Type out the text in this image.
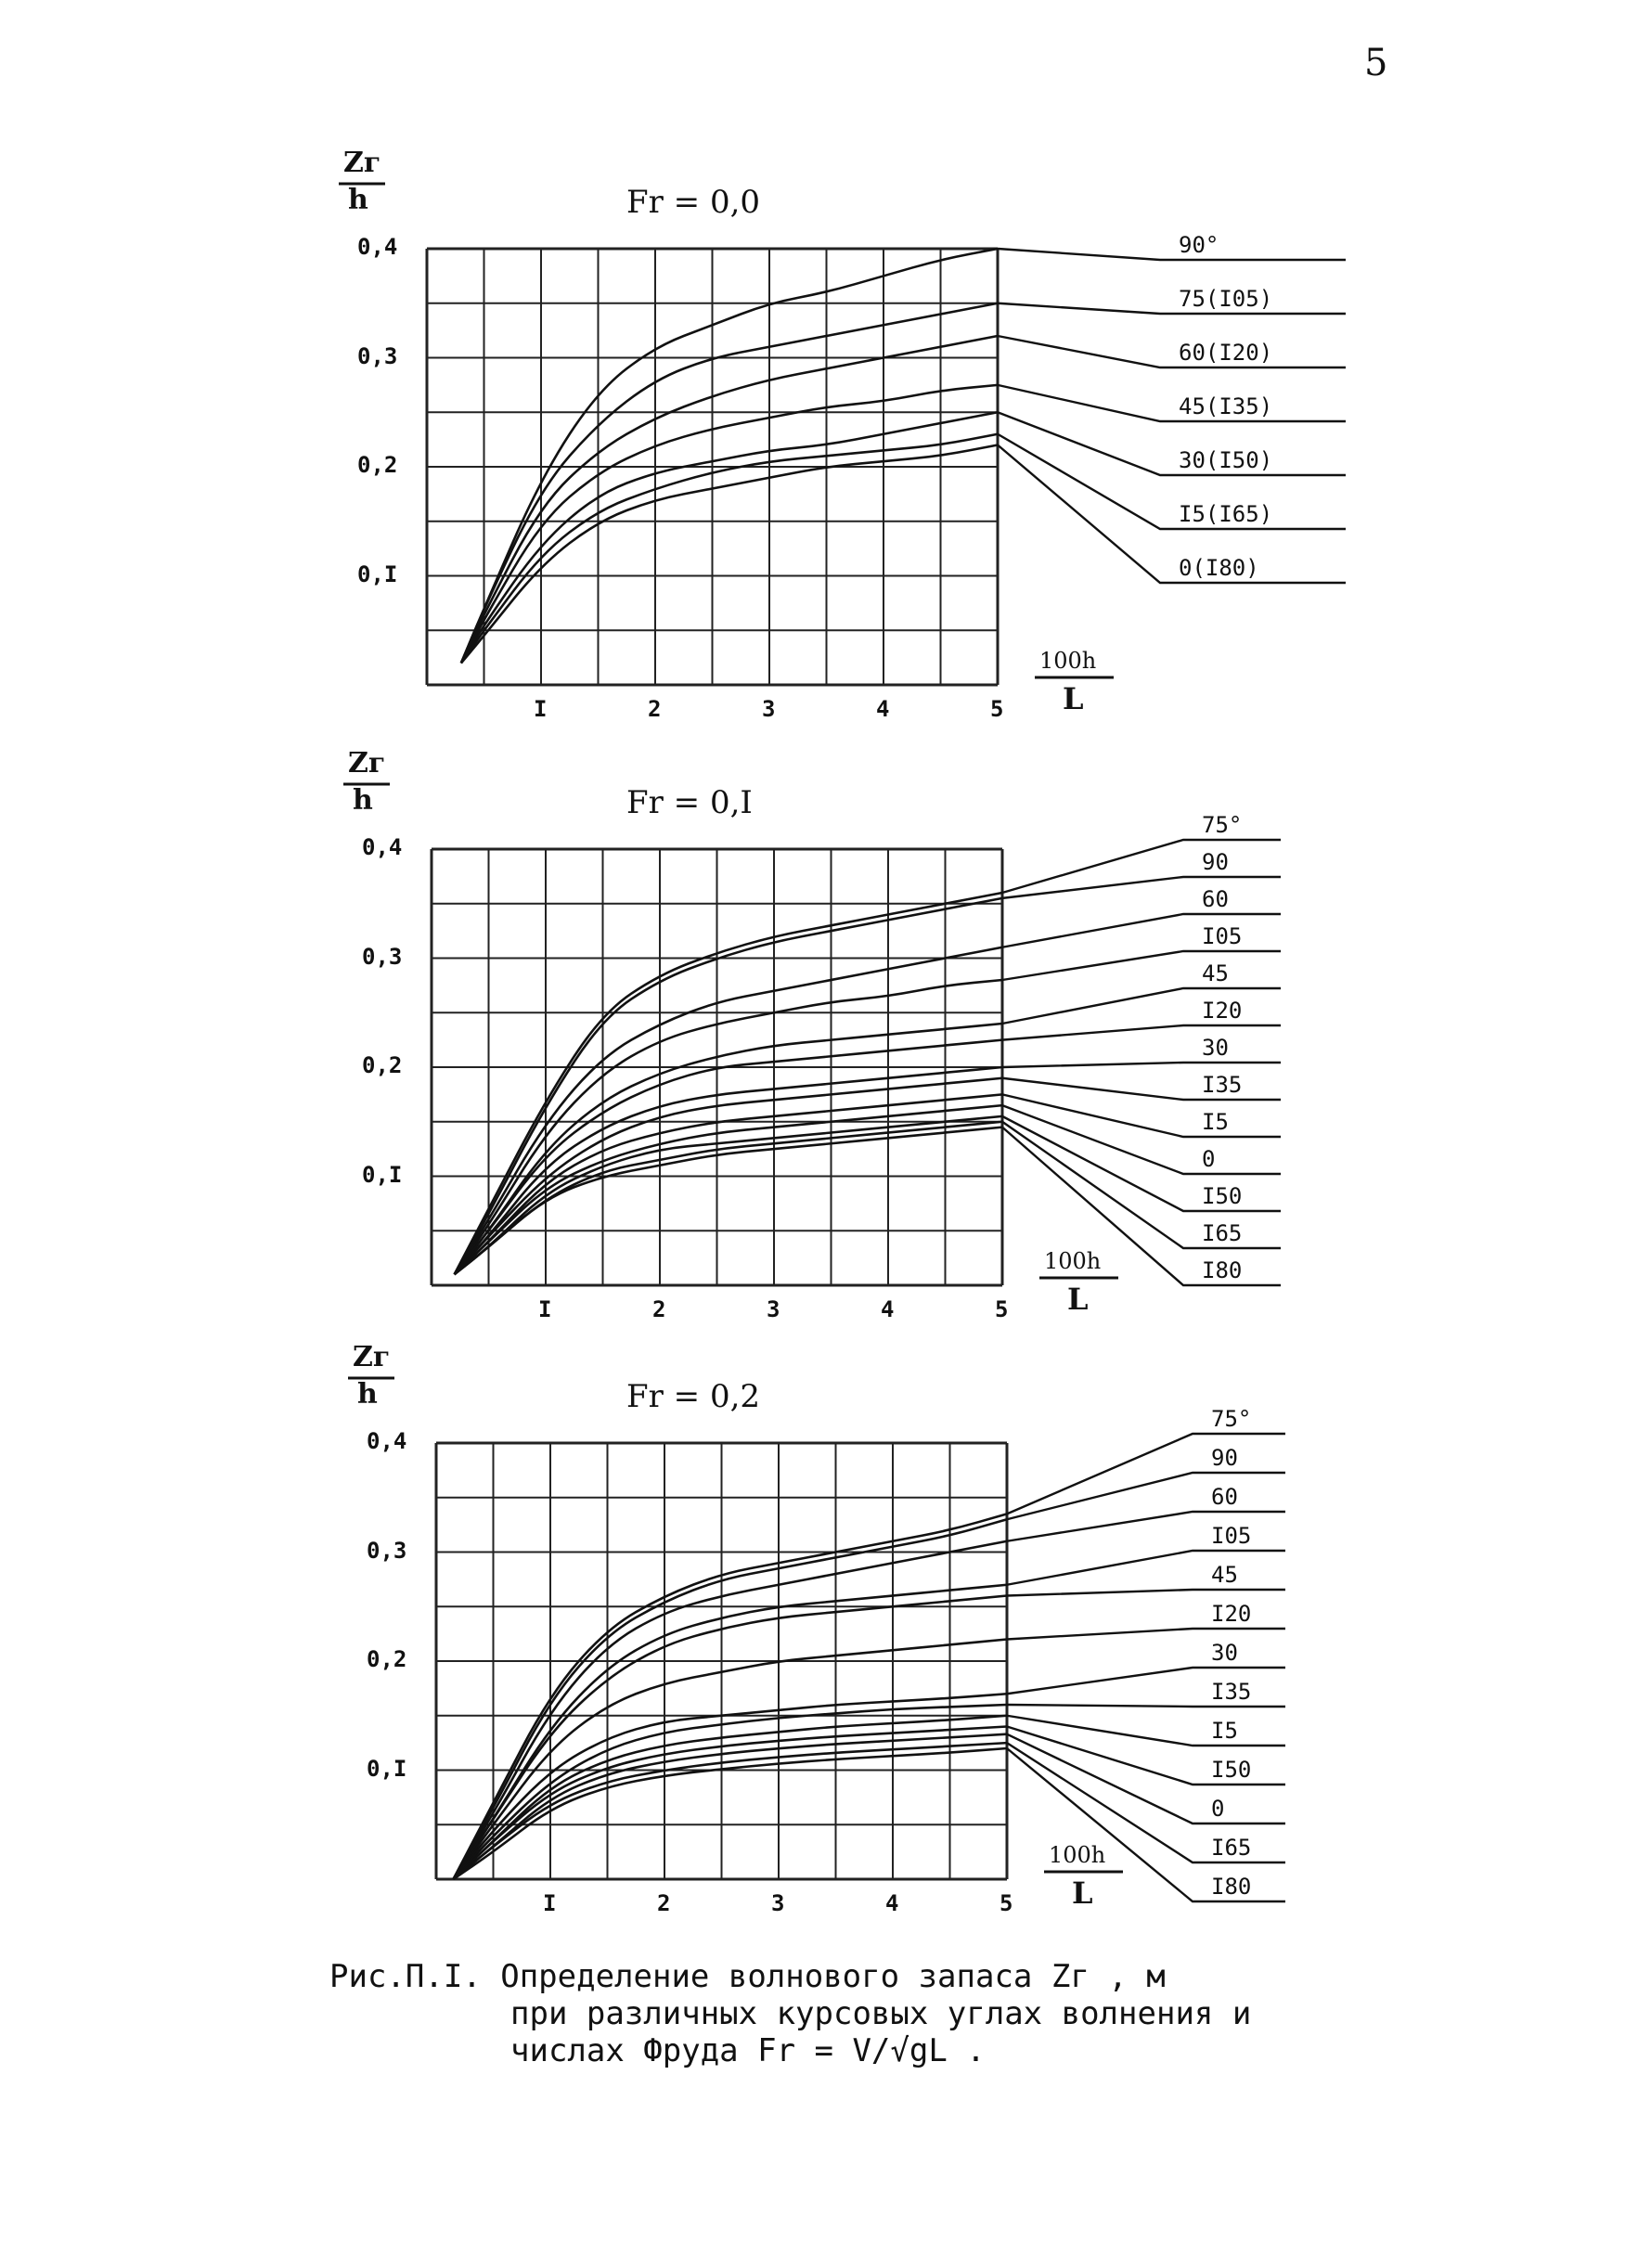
5
90°
75(I05)
60(I20)
45(I35)
30(I50)
I5(I65)
0(I80)
0,I
0,2
0,3
0,4
I	2	3	4	5
Fr = 0,0
Zг
h
100h
L
75°
90
60
I05
45
I20
30
I35
I5
0
I50
I65
I80
0,I
0,2
0,3
0,4
I	2	3	4	5
Fr = 0,I
Zг
h
100h
L
75°
90
60
I05
45
I20
30
I35
I5
I50
0
I65
I80
0,I
0,2
0,3
0,4
I	2	3	4	5
Fr = 0,2
Zг
h
100h
L
Рис.П.I. Определение волнового запаса Zг , м
при различных курсовых углах волнения и
числах Фруда Fr = V/√gL .
